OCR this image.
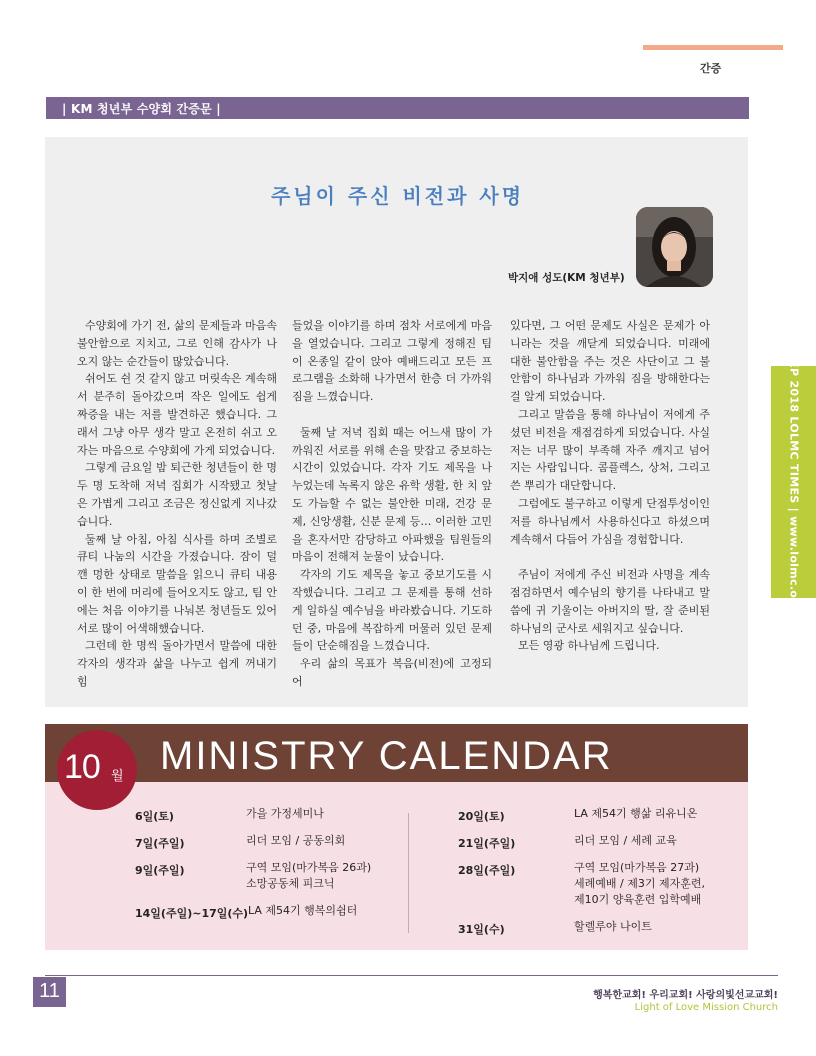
간증
| KM 청년부 수양회 간증문 |
SEP 2018 LOLMC TIMES | www.lolmc.org
주님이 주신 비전과 사명
박지애 성도(KM 청년부)

수양회에 가기 전, 삶의 문제들과 마음속 불안함으로 지치고, 그로 인해 감사가 나오지 않는 순간들이 많았습니다.

쉬어도 쉰 것 같지 않고 머릿속은 계속해서 분주히 돌아갔으며 작은 일에도 쉽게 짜증을 내는 저를 발견하곤 했습니다. 그래서 그냥 아무 생각 말고 온전히 쉬고 오자는 마음으로 수양회에 가게 되었습니다.

그렇게 금요일 밤 퇴근한 청년들이 한 명 두 명 도착해 저녁 집회가 시작됐고 첫날은 가볍게 그리고 조금은 정신없게 지나갔습니다.

둘째 날 아침, 아침 식사를 하며 조별로 큐티 나눔의 시간을 가졌습니다. 잠이 덜 깬 멍한 상태로 말씀을 읽으니 큐티 내용이 한 번에 머리에 들어오지도 않고, 팀 안에는 처음 이야기를 나눠본 청년들도 있어 서로 많이 어색해했습니다.

그런데 한 명씩 돌아가면서 말씀에 대한 각자의 생각과 삶을 나누고 쉽게 꺼내기 힘

들었을 이야기를 하며 점차 서로에게 마음을 열었습니다. 그리고 그렇게 정해진 팀이 온종일 같이 앉아 예배드리고 모든 프로그램을 소화해 나가면서 한층 더 가까워 짐을 느꼈습니다.

둘째 날 저녁 집회 때는 어느새 많이 가까워진 서로를 위해 손을 맞잡고 중보하는 시간이 있었습니다. 각자 기도 제목을 나누었는데 녹록지 않은 유학 생활, 한 치 앞도 가늠할 수 없는 불안한 미래, 건강 문제, 신앙생활, 신분 문제 등… 이러한 고민을 혼자서만 감당하고 아파했을 팀원들의 마음이 전해져 눈물이 났습니다.

각자의 기도 제목을 놓고 중보기도를 시작했습니다. 그리고 그 문제를 통해 선하게 일하실 예수님을 바라봤습니다. 기도하던 중, 마음에 복잡하게 머물러 있던 문제들이 단순해짐을 느꼈습니다.

우리 삶의 목표가 복음(비전)에 고정되어

있다면, 그 어떤 문제도 사실은 문제가 아니라는 것을 깨닫게 되었습니다. 미래에 대한 불안함을 주는 것은 사단이고 그 불안함이 하나님과 가까워 짐을 방해한다는 걸 알게 되었습니다.

그리고 말씀을 통해 하나님이 저에게 주셨던 비전을 재점검하게 되었습니다. 사실 저는 너무 많이 부족해 자주 깨지고 넘어지는 사람입니다. 콤플렉스, 상처, 그리고 쓴 뿌리가 대단합니다.

그럼에도 불구하고 이렇게 단점투성이인 저를 하나님께서 사용하신다고 하셨으며 계속해서 다듬어 가심을 경험합니다.

주님이 저에게 주신 비전과 사명을 계속 점검하면서 예수님의 향기를 나타내고 말씀에 귀 기울이는 아버지의 딸, 잘 준비된 하나님의 군사로 세워지고 싶습니다.

모든 영광 하나님께 드립니다.

MINISTRY CALENDAR
10 월
6일(토)	가을 가정세미나
7일(주일)	리더 모임 / 공동의회
9일(주일)	구역 모임(마가복음 26과)
소망공동체 피크닉
14일(주일)~17일(수) LA 제54기 행복의쉼터
20일(토)	LA 제54기 행삶 리유니온
21일(주일)	리더 모임 / 세례 교육
28일(주일)	구역 모임(마가복음 27과)
세례예배 / 제3기 제자훈련,
제10기 양육훈련 입학예배
31일(수)	할렐루야 나이트
11	행복한교회! 우리교회! 사랑의빛선교교회!
Light of Love Mission Church
